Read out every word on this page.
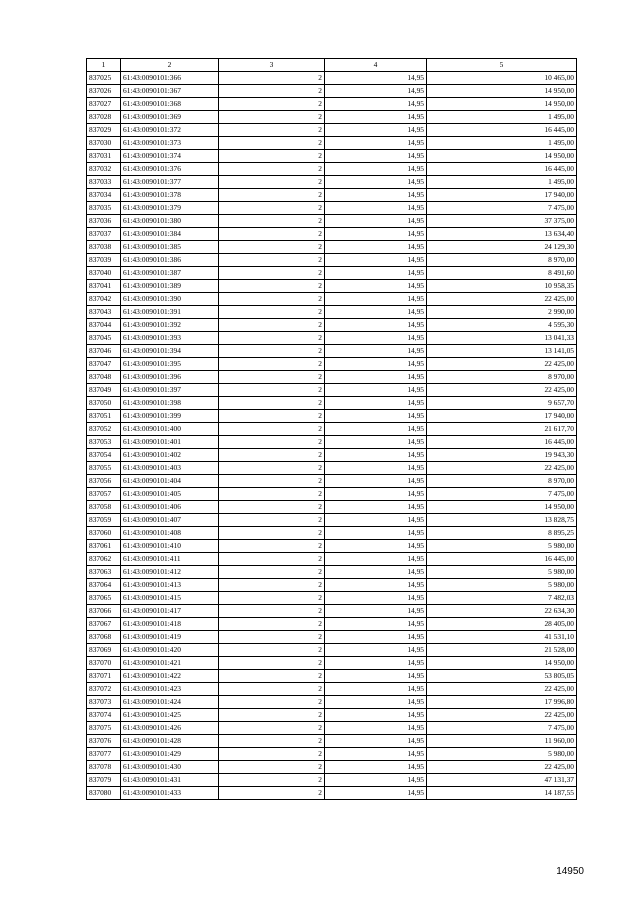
1	2	3	4	5
837025	61:43:0090101:366	2	14,95	10 465,00
837026	61:43:0090101:367	2	14,95	14 950,00
837027	61:43:0090101:368	2	14,95	14 950,00
837028	61:43:0090101:369	2	14,95	1 495,00
837029	61:43:0090101:372	2	14,95	16 445,00
837030	61:43:0090101:373	2	14,95	1 495,00
837031	61:43:0090101:374	2	14,95	14 950,00
837032	61:43:0090101:376	2	14,95	16 445,00
837033	61:43:0090101:377	2	14,95	1 495,00
837034	61:43:0090101:378	2	14,95	17 940,00
837035	61:43:0090101:379	2	14,95	7 475,00
837036	61:43:0090101:380	2	14,95	37 375,00
837037	61:43:0090101:384	2	14,95	13 634,40
837038	61:43:0090101:385	2	14,95	24 129,30
837039	61:43:0090101:386	2	14,95	8 970,00
837040	61:43:0090101:387	2	14,95	8 491,60
837041	61:43:0090101:389	2	14,95	10 958,35
837042	61:43:0090101:390	2	14,95	22 425,00
837043	61:43:0090101:391	2	14,95	2 990,00
837044	61:43:0090101:392	2	14,95	4 595,30
837045	61:43:0090101:393	2	14,95	13 041,33
837046	61:43:0090101:394	2	14,95	13 141,05
837047	61:43:0090101:395	2	14,95	22 425,00
837048	61:43:0090101:396	2	14,95	8 970,00
837049	61:43:0090101:397	2	14,95	22 425,00
837050	61:43:0090101:398	2	14,95	9 657,70
837051	61:43:0090101:399	2	14,95	17 940,00
837052	61:43:0090101:400	2	14,95	21 617,70
837053	61:43:0090101:401	2	14,95	16 445,00
837054	61:43:0090101:402	2	14,95	19 943,30
837055	61:43:0090101:403	2	14,95	22 425,00
837056	61:43:0090101:404	2	14,95	8 970,00
837057	61:43:0090101:405	2	14,95	7 475,00
837058	61:43:0090101:406	2	14,95	14 950,00
837059	61:43:0090101:407	2	14,95	13 828,75
837060	61:43:0090101:408	2	14,95	8 895,25
837061	61:43:0090101:410	2	14,95	5 980,00
837062	61:43:0090101:411	2	14,95	16 445,00
837063	61:43:0090101:412	2	14,95	5 980,00
837064	61:43:0090101:413	2	14,95	5 980,00
837065	61:43:0090101:415	2	14,95	7 482,03
837066	61:43:0090101:417	2	14,95	22 634,30
837067	61:43:0090101:418	2	14,95	28 405,00
837068	61:43:0090101:419	2	14,95	41 531,10
837069	61:43:0090101:420	2	14,95	21 528,00
837070	61:43:0090101:421	2	14,95	14 950,00
837071	61:43:0090101:422	2	14,95	53 805,05
837072	61:43:0090101:423	2	14,95	22 425,00
837073	61:43:0090101:424	2	14,95	17 996,80
837074	61:43:0090101:425	2	14,95	22 425,00
837075	61:43:0090101:426	2	14,95	7 475,00
837076	61:43:0090101:428	2	14,95	11 960,00
837077	61:43:0090101:429	2	14,95	5 980,00
837078	61:43:0090101:430	2	14,95	22 425,00
837079	61:43:0090101:431	2	14,95	47 131,37
837080	61:43:0090101:433	2	14,95	14 187,55
14950
